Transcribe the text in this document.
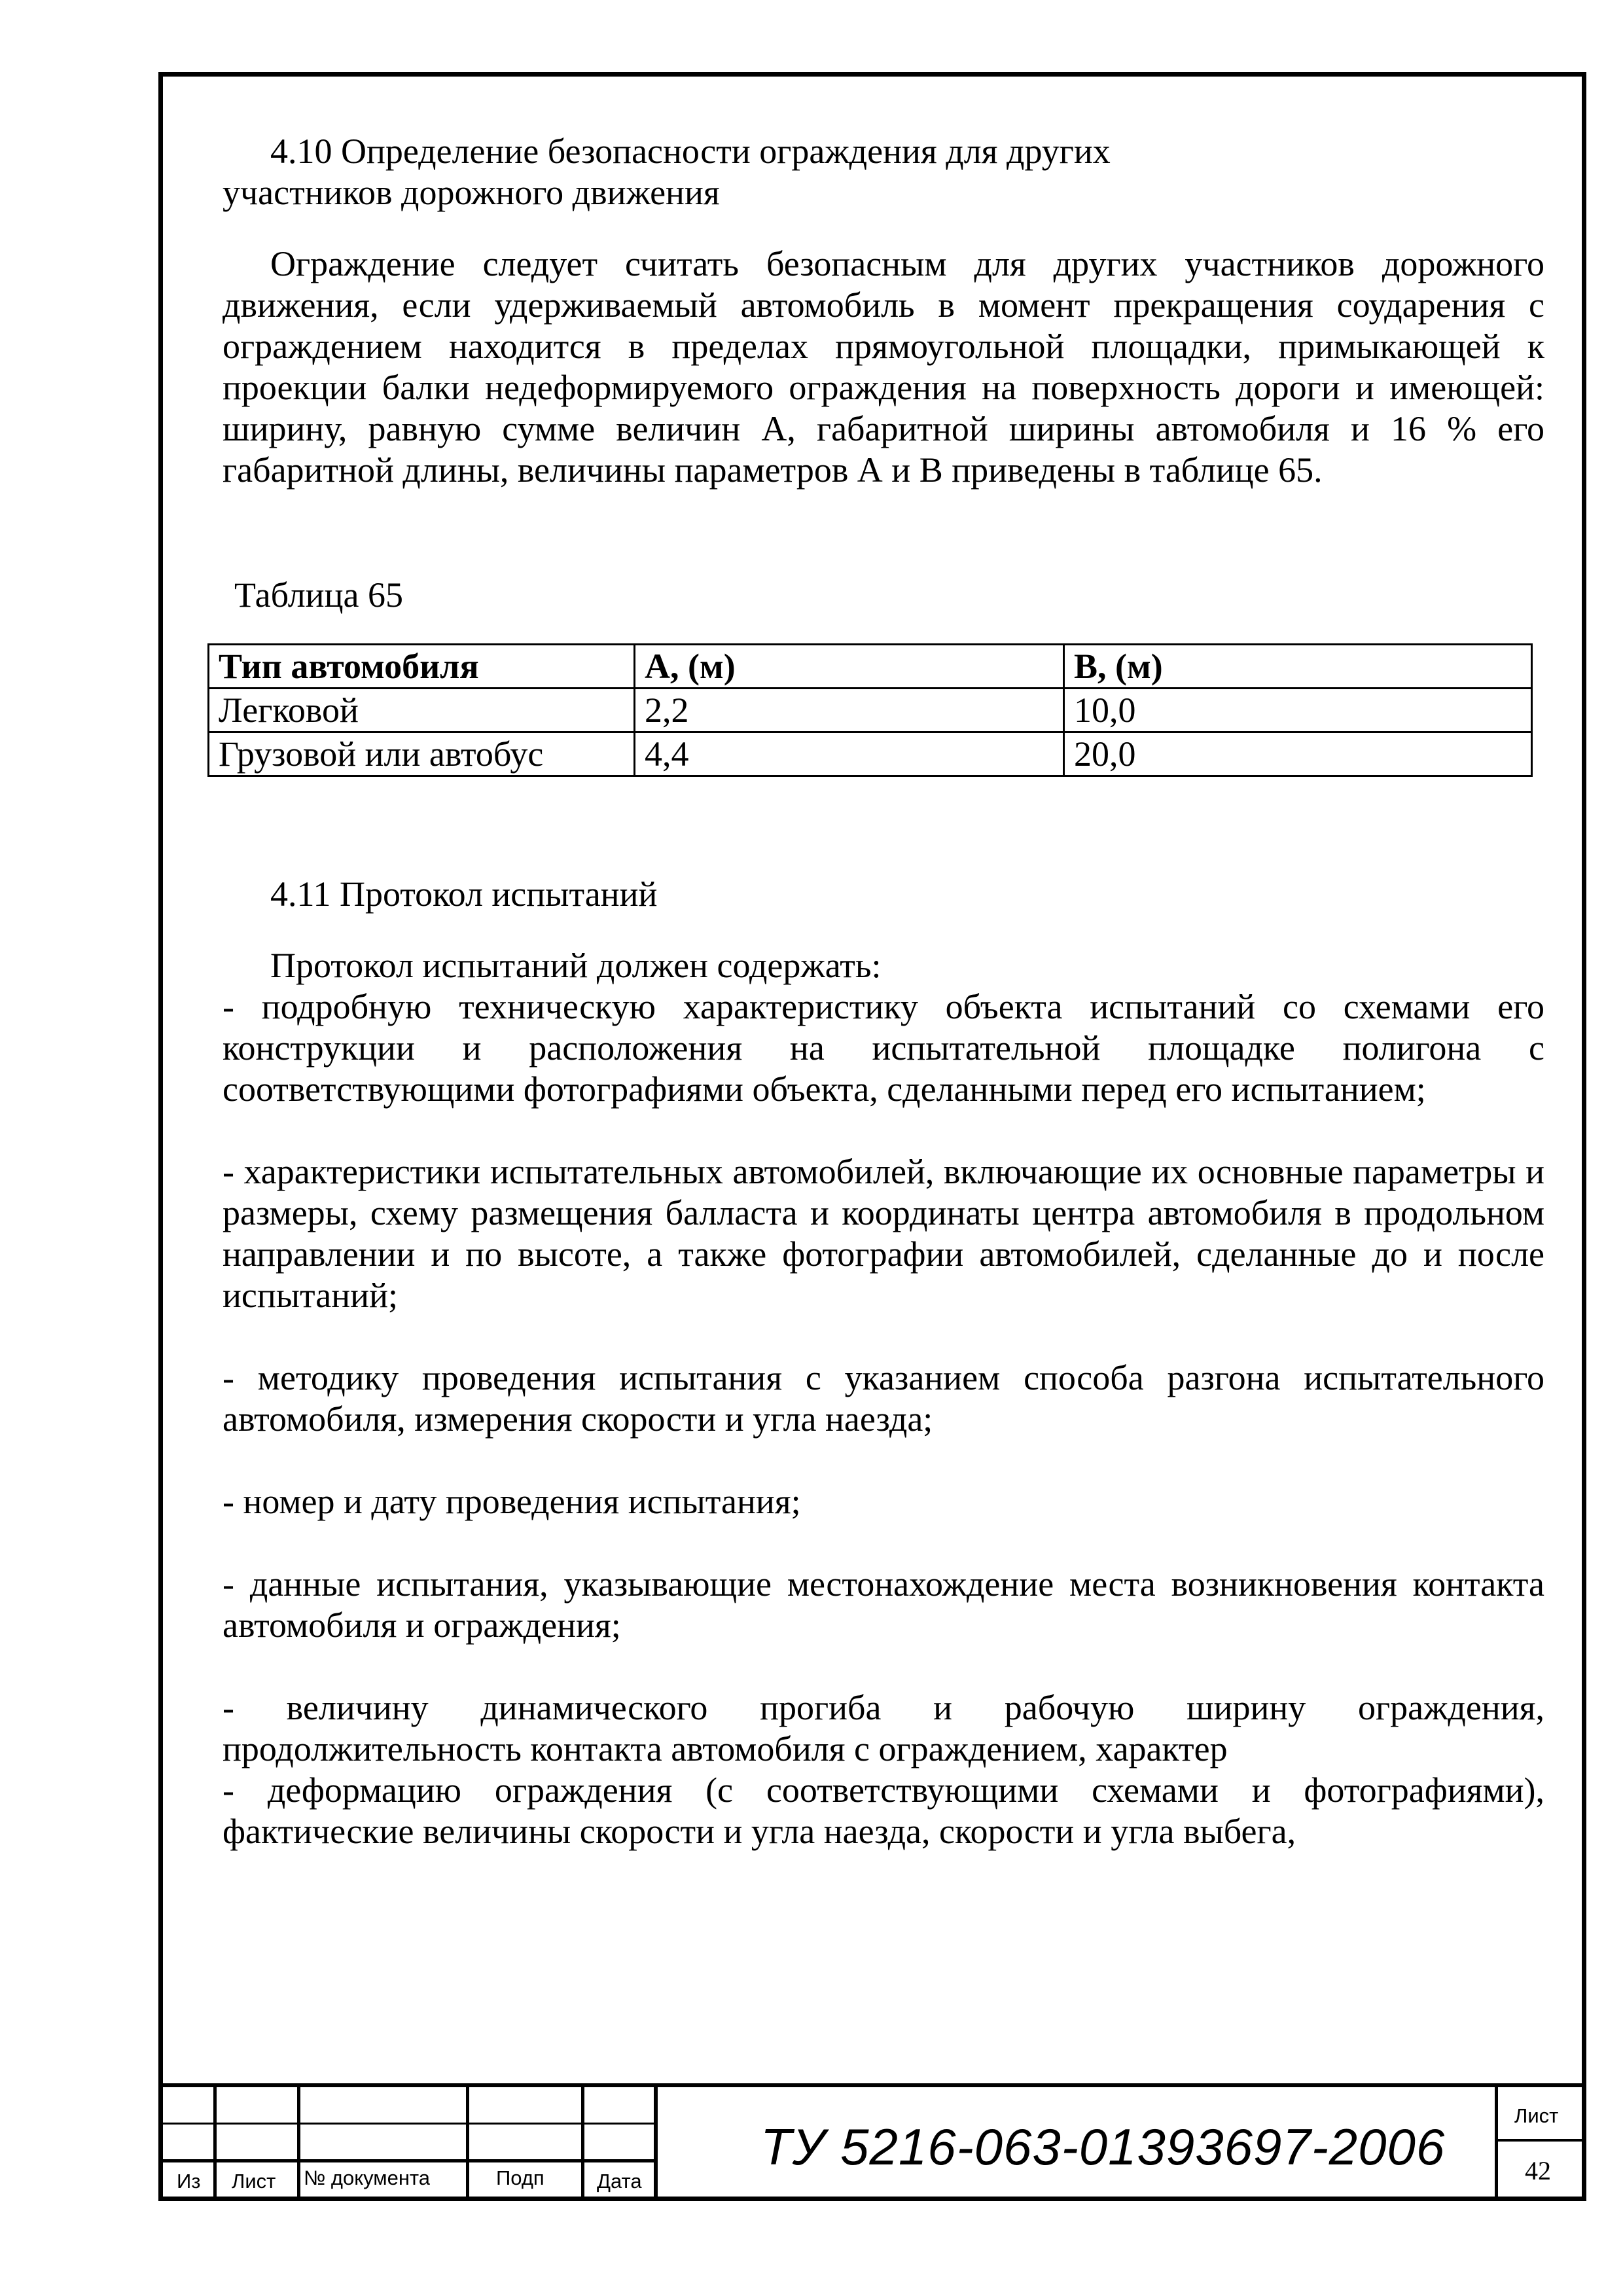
4.10 Определение безопасности ограждения для других

участников дорожного движения

Ограждение следует считать безопасным для других участников дорожного движения, если удерживаемый автомобиль в момент прекращения соударения с ограждением находится в пределах прямоугольной площадки, примыкающей к проекции балки недеформируемого ограждения на поверхность дороги и имеющей: ширину, равную сумме величин А, габаритной ширины автомобиля и 16 % его габаритной длины, величины параметров А и В приведены в таблице 65.

Таблица 65

Тип автомобиля	А, (м)	В, (м)
Легковой	2,2	10,0
Грузовой или автобус	4,4	20,0

4.11 Протокол испытаний

Протокол испытаний должен содержать:

- подробную техническую характеристику объекта испытаний со схемами его конструкции и расположения на испытательной площадке полигона с соответствующими фотографиями объекта, сделанными перед его испытанием;

- характеристики испытательных автомобилей, включающие их основные параметры и размеры, схему размещения балласта и координаты центра автомобиля в продольном направлении и по высоте, а также фотографии автомобилей, сделанные до и после испытаний;

- методику проведения испытания с указанием способа разгона испытательного автомобиля, измерения скорости и угла наезда;

- номер и дату проведения испытания;

- данные испытания, указывающие местонахождение места возникновения контакта автомобиля и ограждения;

- величину динамического прогиба и рабочую ширину ограждения, продолжительность контакта автомобиля с ограждением, характер

- деформацию ограждения (с соответствующими схемами и фотографиями), фактические величины скорости и угла наезда, скорости и угла выбега,

Из Лист № документа	Подп	Дата
ТУ 5216-063-01393697-2006
Лист
42
